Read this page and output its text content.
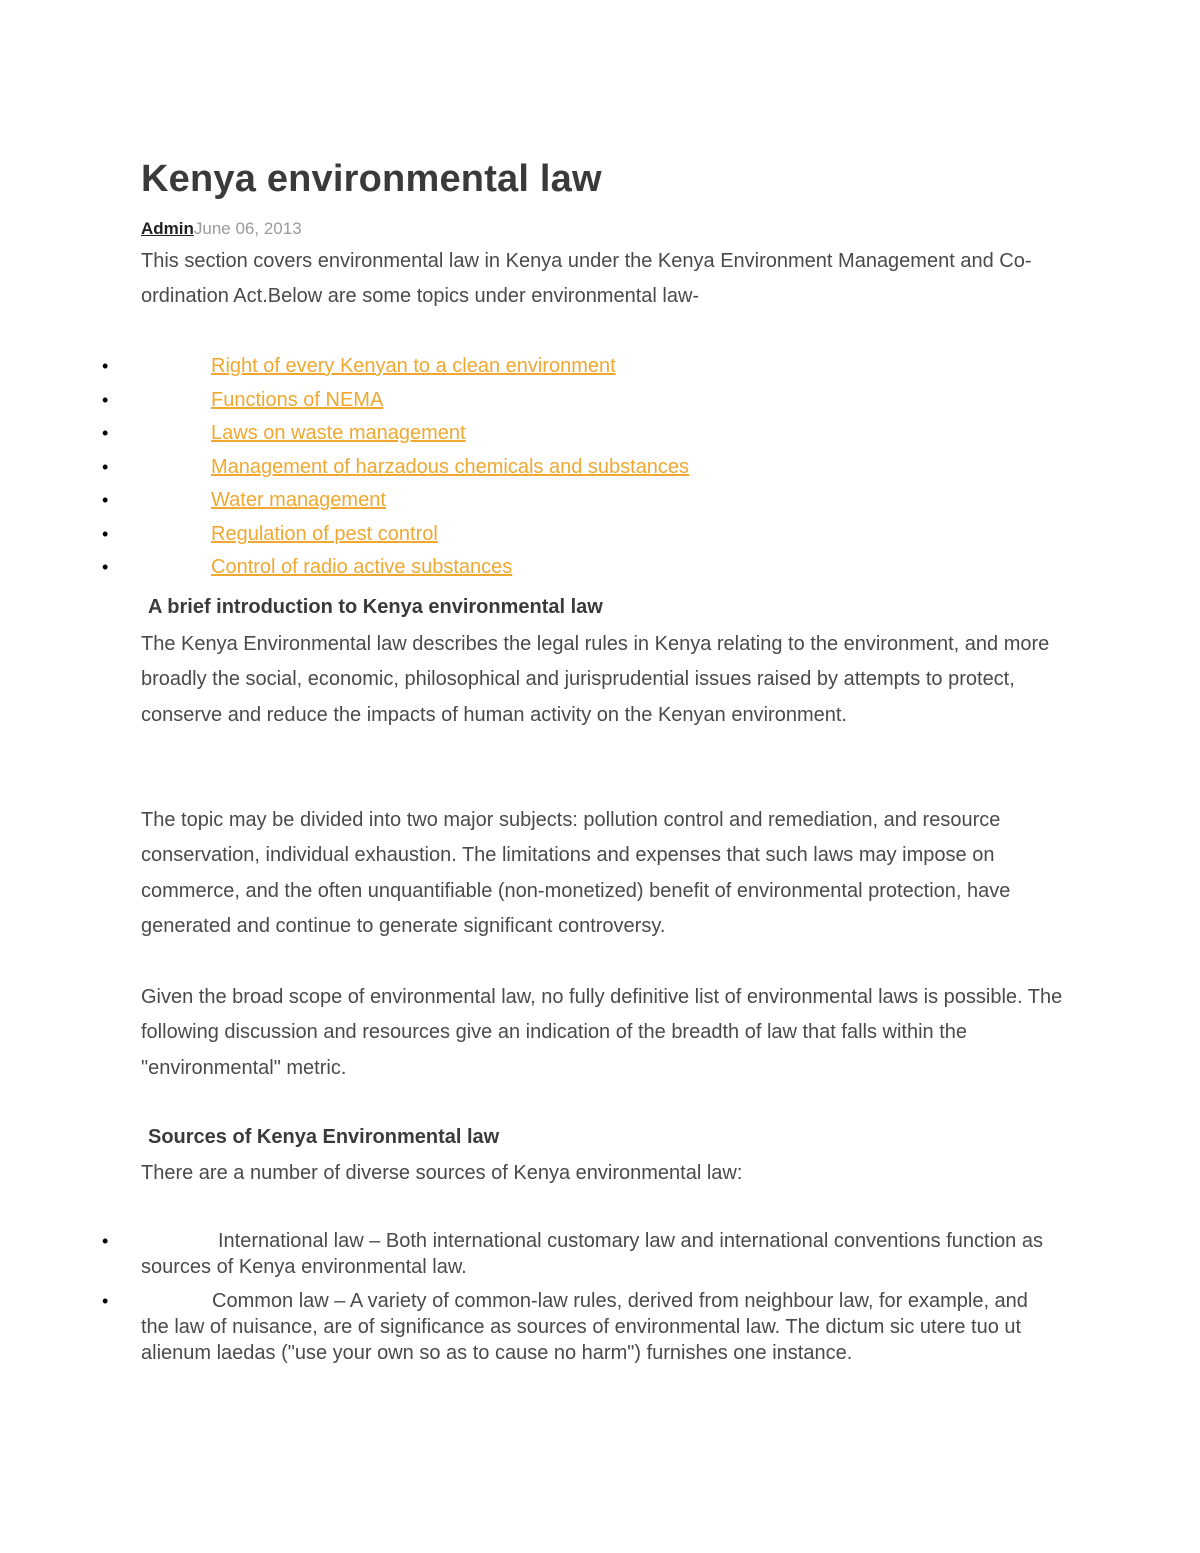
Kenya environmental law
AdminJune 06, 2013

This section covers environmental law in Kenya under the Kenya Environment Management and Co-ordination Act.Below are some topics under environmental law-

•	Right of every Kenyan to a clean environment
•	Functions of NEMA
•	Laws on waste management
•	Management of harzadous chemicals and substances
•	Water management
•	Regulation of pest control
•	Control of radio active substances
A brief introduction to Kenya environmental law

The Kenya Environmental law describes the legal rules in Kenya relating to the environment, and more broadly the social, economic, philosophical and jurisprudential issues raised by attempts to protect, conserve and reduce the impacts of human activity on the Kenyan environment.

The topic may be divided into two major subjects: pollution control and remediation, and resource conservation, individual exhaustion. The limitations and expenses that such laws may impose on commerce, and the often unquantifiable (non-monetized) benefit of environmental protection, have generated and continue to generate significant controversy.

Given the broad scope of environmental law, no fully definitive list of environmental laws is possible. The following discussion and resources give an indication of the breadth of law that falls within the "environmental" metric.

Sources of Kenya Environmental law

There are a number of diverse sources of Kenya environmental law:

•	International law – Both international customary law and international conventions function as sources of Kenya environmental law.

•	Common law – A variety of common-law rules, derived from neighbour law, for example, and the law of nuisance, are of significance as sources of environmental law. The dictum sic utere tuo ut alienum laedas ("use your own so as to cause no harm") furnishes one instance.
